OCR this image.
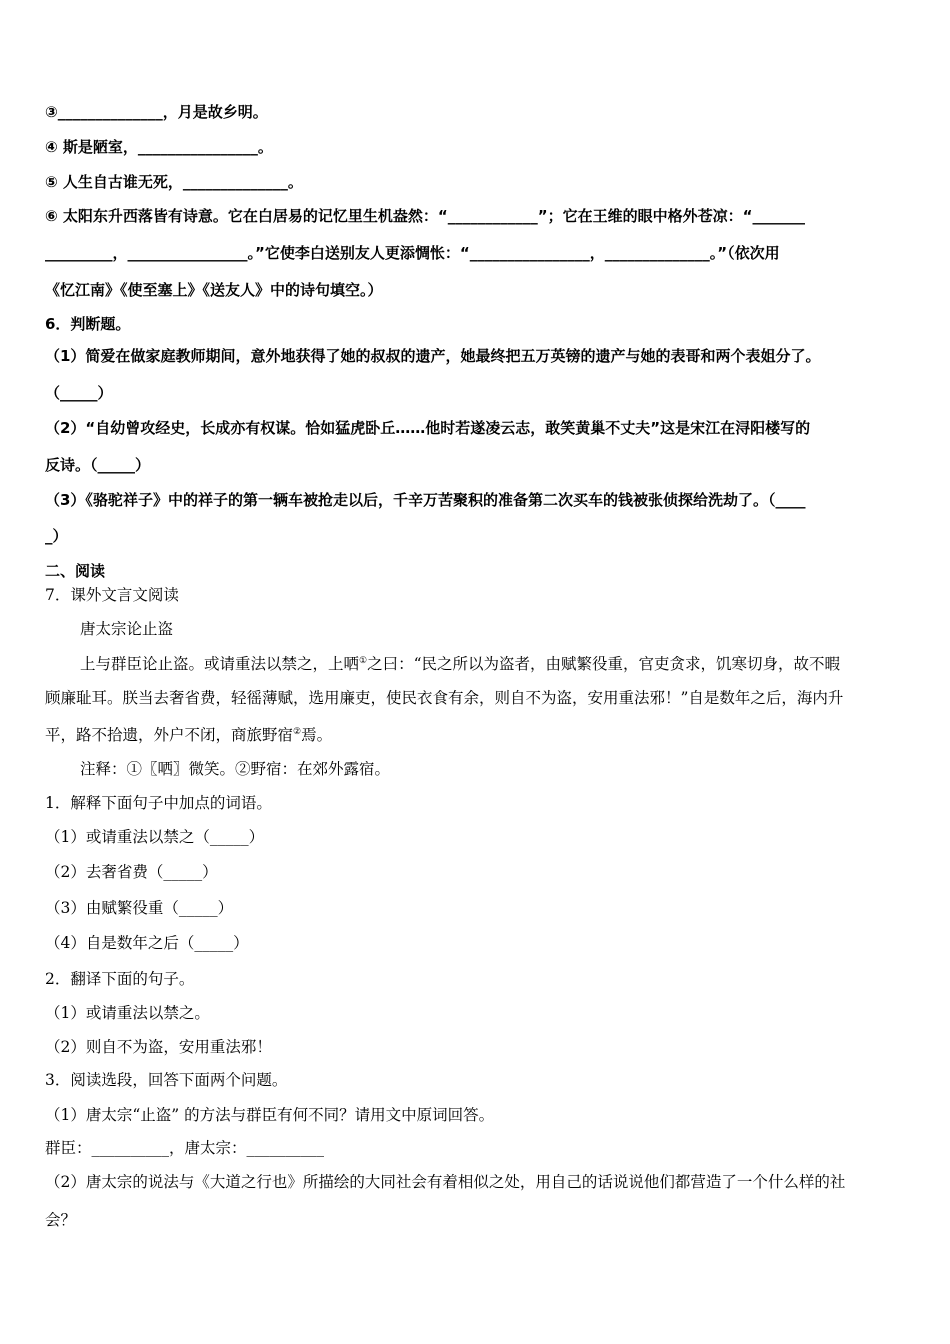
③______________，月是故乡明。
④ 斯是陋室，________________。
⑤ 人生自古谁无死，______________。
⑥ 太阳东升西落皆有诗意。它在白居易的记忆里生机盎然：“____________”；它在王维的眼中格外苍凉：“_______
_________，________________。”它使李白送别友人更添惆怅：“________________，______________。”（依次用
《忆江南》《使至塞上》《送友人》中的诗句填空。）
6．判断题。
（1）简爱在做家庭教师期间，意外地获得了她的叔叔的遗产，她最终把五万英镑的遗产与她的表哥和两个表姐分了。
（_____）
（2）“自幼曾攻经史，长成亦有权谋。恰如猛虎卧丘……他时若遂凌云志，敢笑黄巢不丈夫”这是宋江在浔阳楼写的
反诗。（_____）
（3）《骆驼祥子》中的祥子的第一辆车被抢走以后，千辛万苦聚积的准备第二次买车的钱被张侦探给洗劫了。（____
_）
二、阅读
7．课外文言文阅读
唐太宗论止盗
上与群臣论止盗。或请重法以禁之，上哂①之曰：“民之所以为盗者，由赋繁役重，官吏贪求，饥寒切身，故不暇
顾廉耻耳。朕当去奢省费，轻徭薄赋，选用廉吏，使民衣食有余，则自不为盗，安用重法邪！”自是数年之后，海内升
平，路不拾遗，外户不闭，商旅野宿②焉。
注释：①〖哂〗微笑。②野宿：在郊外露宿。
1．解释下面句子中加点的词语。
（1）或请重法以禁之（_____）
（2）去奢省费（_____）
（3）由赋繁役重（_____）
（4）自是数年之后（_____）
2．翻译下面的句子。
（1）或请重法以禁之。
（2）则自不为盗，安用重法邪！
3．阅读选段，回答下面两个问题。
（1）唐太宗“止盗” 的方法与群臣有何不同？请用文中原词回答。
群臣：__________，唐太宗：__________
（2）唐太宗的说法与《大道之行也》所描绘的大同社会有着相似之处，用自己的话说说他们都营造了一个什么样的社
会？
